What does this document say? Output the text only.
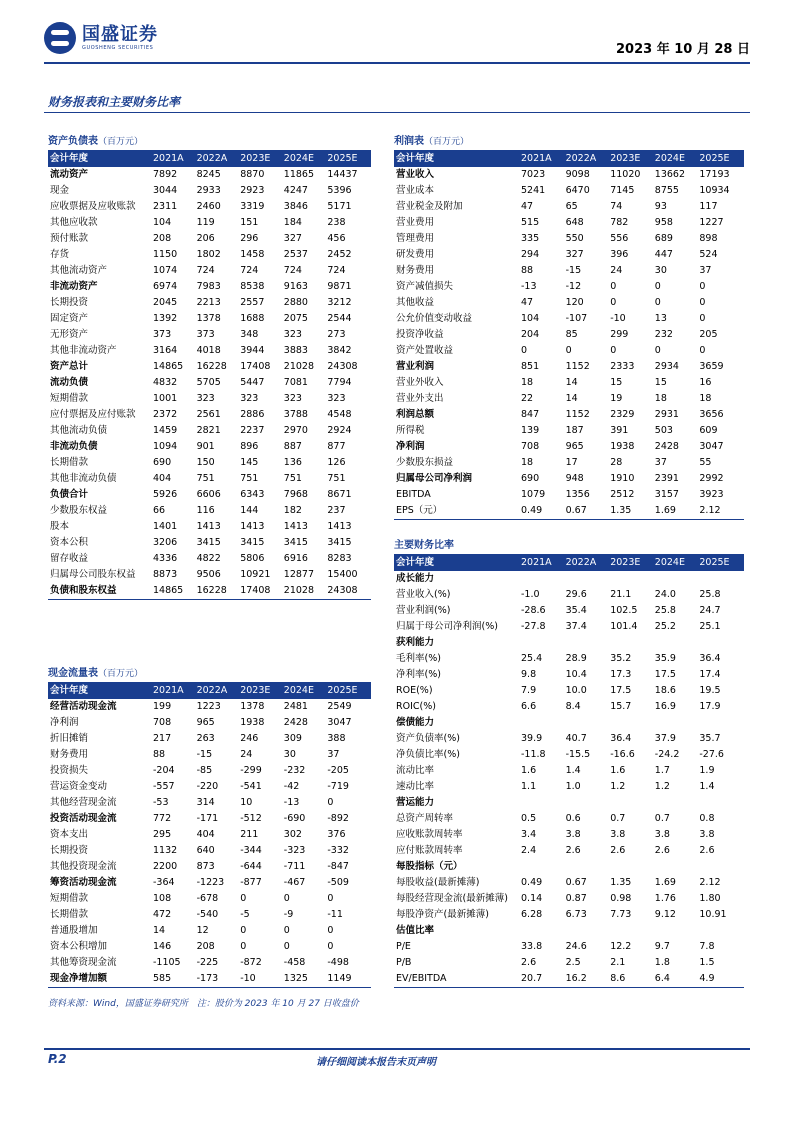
国盛证券
GUOSHENG SECURITIES	2023 年 10 月 28 日
财务报表和主要财务比率
资产负债表（百万元）
会计年度	2021A	2022A	2023E	2024E	2025E
流动资产	7892	8245	8870	11865	14437
现金	3044	2933	2923	4247	5396
应收票据及应收账款	2311	2460	3319	3846	5171
其他应收款	104	119	151	184	238
预付账款	208	206	296	327	456
存货	1150	1802	1458	2537	2452
其他流动资产	1074	724	724	724	724
非流动资产	6974	7983	8538	9163	9871
长期投资	2045	2213	2557	2880	3212
固定资产	1392	1378	1688	2075	2544
无形资产	373	373	348	323	273
其他非流动资产	3164	4018	3944	3883	3842
资产总计	14865	16228	17408	21028	24308
流动负债	4832	5705	5447	7081	7794
短期借款	1001	323	323	323	323
应付票据及应付账款	2372	2561	2886	3788	4548
其他流动负债	1459	2821	2237	2970	2924
非流动负债	1094	901	896	887	877
长期借款	690	150	145	136	126
其他非流动负债	404	751	751	751	751
负债合计	5926	6606	6343	7968	8671
少数股东权益	66	116	144	182	237
股本	1401	1413	1413	1413	1413
资本公积	3206	3415	3415	3415	3415
留存收益	4336	4822	5806	6916	8283
归属母公司股东权益	8873	9506	10921	12877	15400
负债和股东权益	14865	16228	17408	21028	24308
利润表（百万元）
会计年度	2021A	2022A	2023E	2024E	2025E
营业收入	7023	9098	11020	13662	17193
营业成本	5241	6470	7145	8755	10934
营业税金及附加	47	65	74	93	117
营业费用	515	648	782	958	1227
管理费用	335	550	556	689	898
研发费用	294	327	396	447	524
财务费用	88	-15	24	30	37
资产减值损失	-13	-12	0	0	0
其他收益	47	120	0	0	0
公允价值变动收益	104	-107	-10	13	0
投资净收益	204	85	299	232	205
资产处置收益	0	0	0	0	0
营业利润	851	1152	2333	2934	3659
营业外收入	18	14	15	15	16
营业外支出	22	14	19	18	18
利润总额	847	1152	2329	2931	3656
所得税	139	187	391	503	609
净利润	708	965	1938	2428	3047
少数股东损益	18	17	28	37	55
归属母公司净利润	690	948	1910	2391	2992
EBITDA	1079	1356	2512	3157	3923
EPS（元）	0.49	0.67	1.35	1.69	2.12
现金流量表（百万元）
会计年度	2021A	2022A	2023E	2024E	2025E
经营活动现金流	199	1223	1378	2481	2549
净利润	708	965	1938	2428	3047
折旧摊销	217	263	246	309	388
财务费用	88	-15	24	30	37
投资损失	-204	-85	-299	-232	-205
营运资金变动	-557	-220	-541	-42	-719
其他经营现金流	-53	314	10	-13	0
投资活动现金流	772	-171	-512	-690	-892
资本支出	295	404	211	302	376
长期投资	1132	640	-344	-323	-332
其他投资现金流	2200	873	-644	-711	-847
筹资活动现金流	-364	-1223	-877	-467	-509
短期借款	108	-678	0	0	0
长期借款	472	-540	-5	-9	-11
普通股增加	14	12	0	0	0
资本公积增加	146	208	0	0	0
其他筹资现金流	-1105	-225	-872	-458	-498
现金净增加额	585	-173	-10	1325	1149
主要财务比率
会计年度	2021A	2022A	2023E	2024E	2025E
成长能力
营业收入(%)	-1.0	29.6	21.1	24.0	25.8
营业利润(%)	-28.6	35.4	102.5	25.8	24.7
归属于母公司净利润(%)	-27.8	37.4	101.4	25.2	25.1
获利能力
毛利率(%)	25.4	28.9	35.2	35.9	36.4
净利率(%)	9.8	10.4	17.3	17.5	17.4
ROE(%)	7.9	10.0	17.5	18.6	19.5
ROIC(%)	6.6	8.4	15.7	16.9	17.9
偿债能力
资产负债率(%)	39.9	40.7	36.4	37.9	35.7
净负债比率(%)	-11.8	-15.5	-16.6	-24.2	-27.6
流动比率	1.6	1.4	1.6	1.7	1.9
速动比率	1.1	1.0	1.2	1.2	1.4
营运能力
总资产周转率	0.5	0.6	0.7	0.7	0.8
应收账款周转率	3.4	3.8	3.8	3.8	3.8
应付账款周转率	2.4	2.6	2.6	2.6	2.6
每股指标（元）
每股收益(最新摊薄)	0.49	0.67	1.35	1.69	2.12
每股经营现金流(最新摊薄)	0.14	0.87	0.98	1.76	1.80
每股净资产(最新摊薄)	6.28	6.73	7.73	9.12	10.91
估值比率
P/E	33.8	24.6	12.2	9.7	7.8
P/B	2.6	2.5	2.1	1.8	1.5
EV/EBITDA	20.7	16.2	8.6	6.4	4.9
资料来源：Wind，国盛证券研究所　注：股价为 2023 年 10 月 27 日收盘价
P.2	请仔细阅读本报告末页声明
